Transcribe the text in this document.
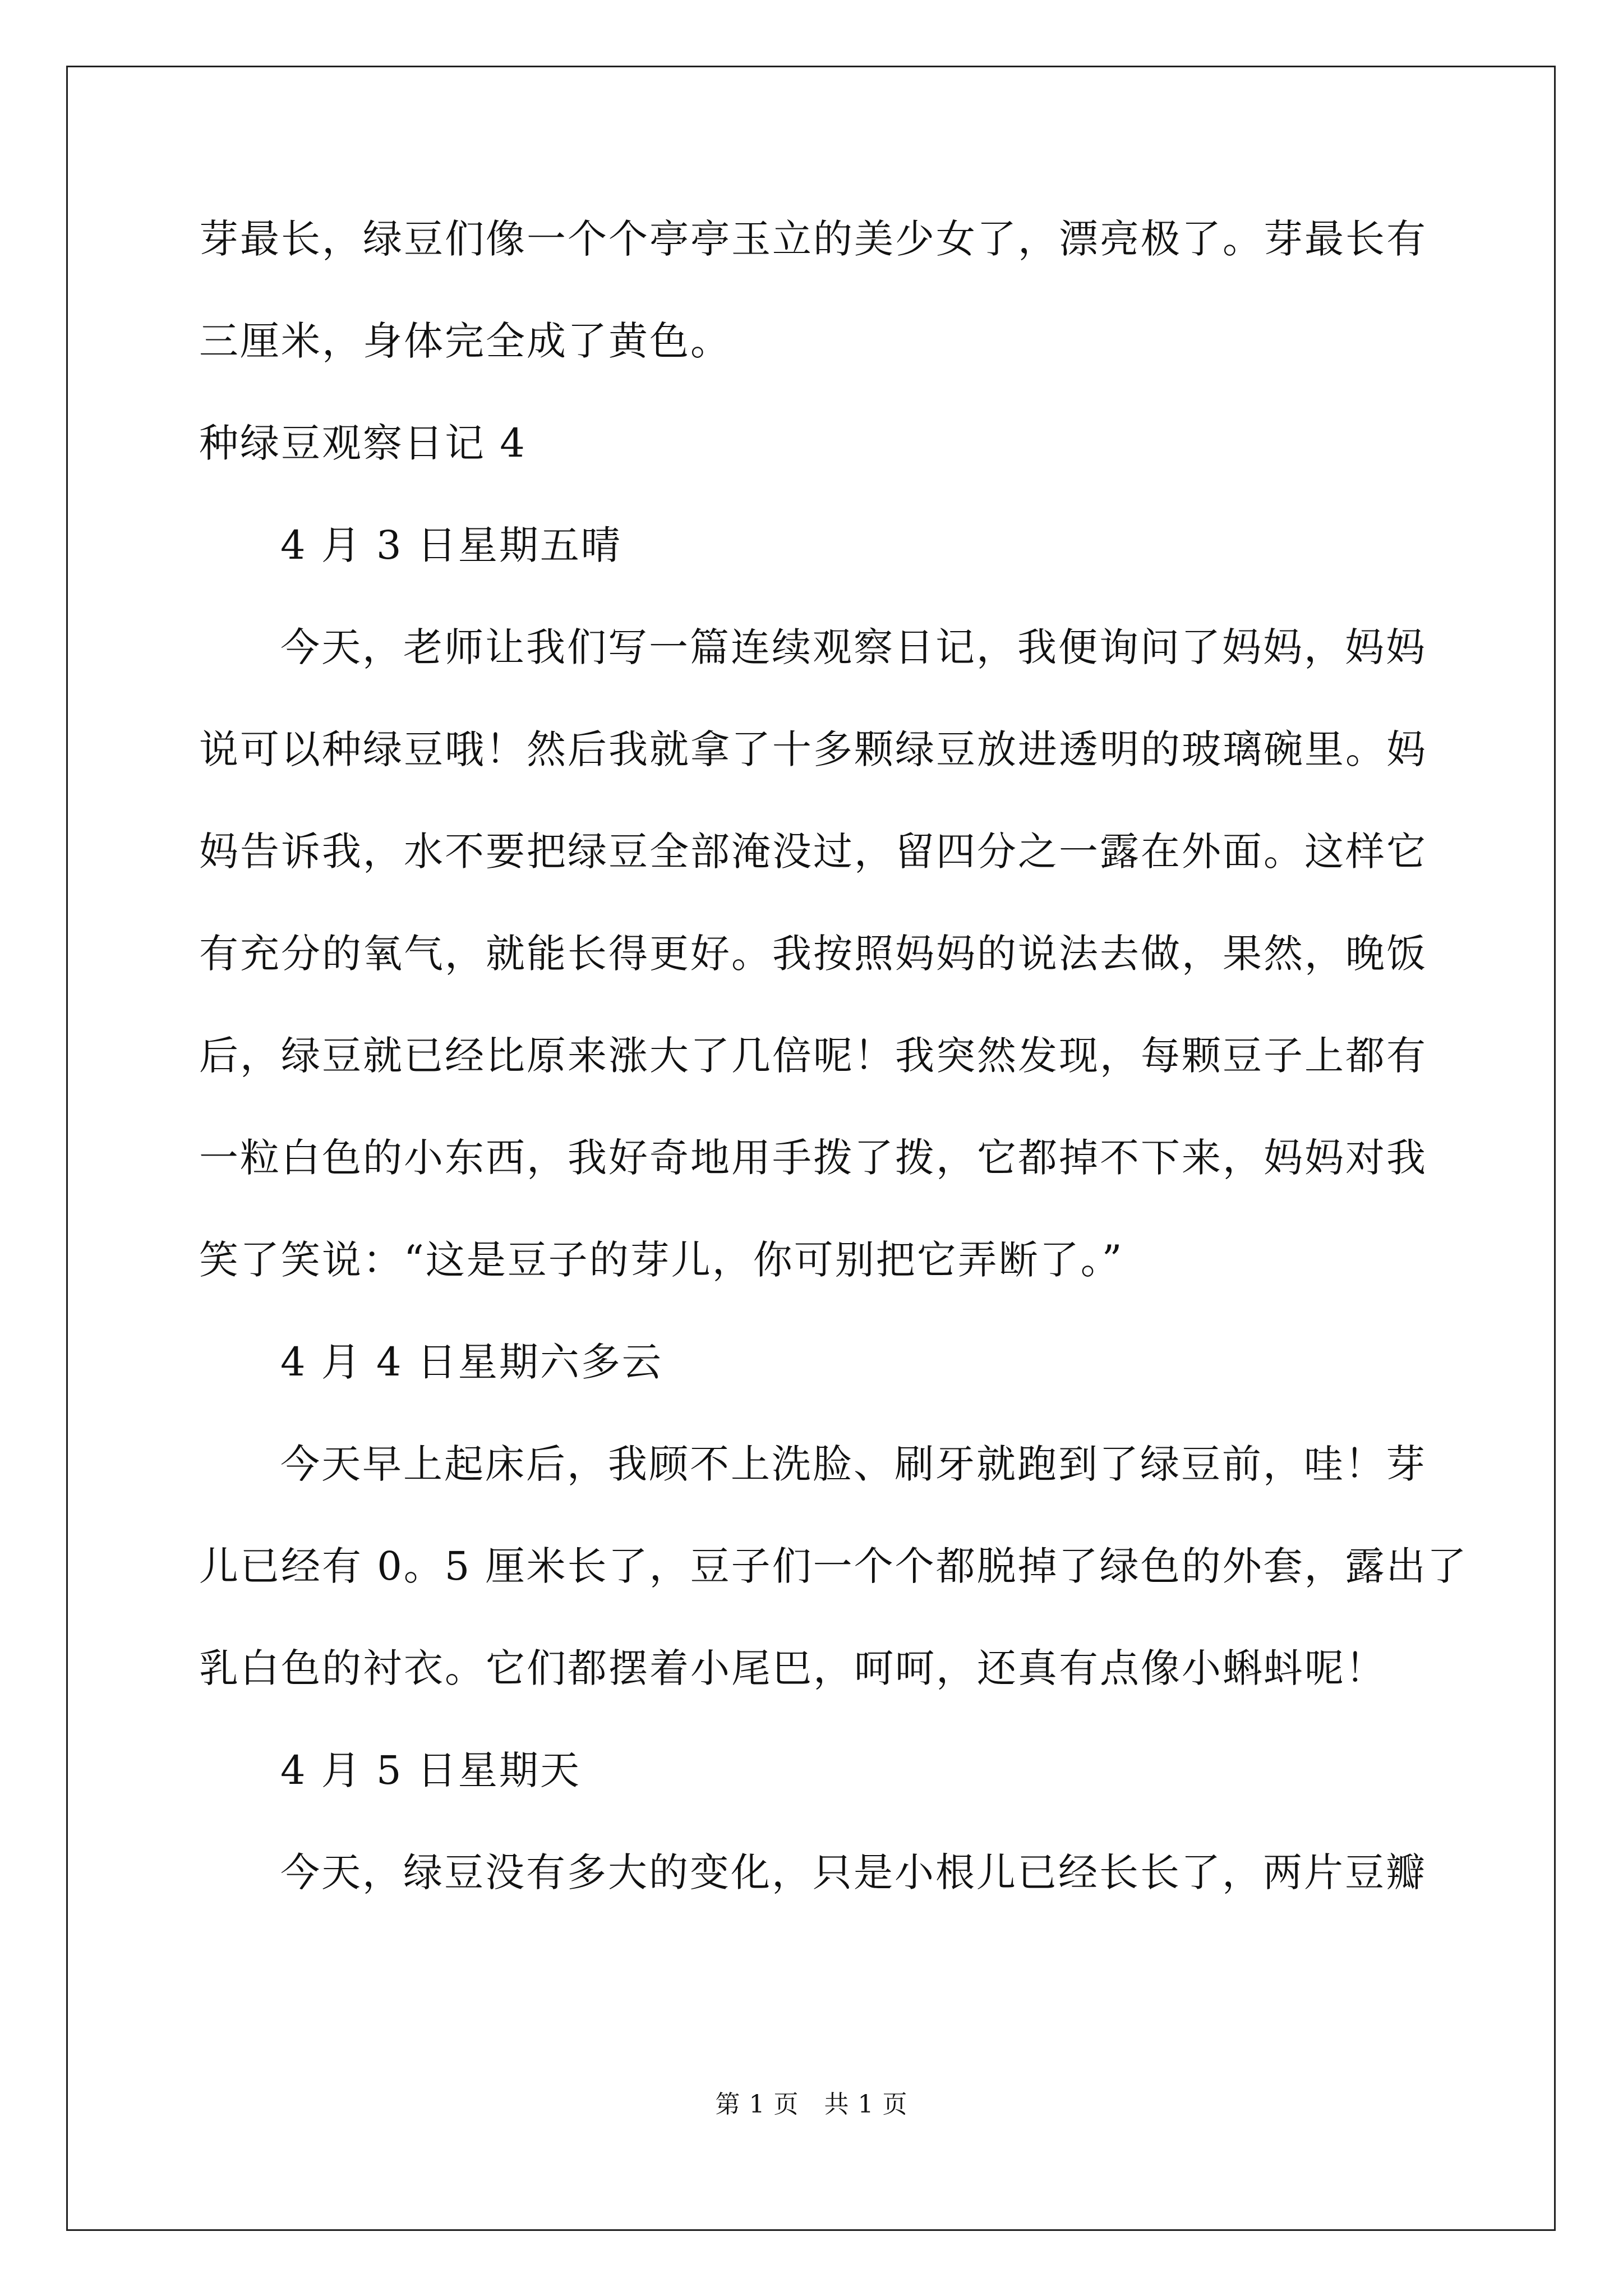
芽最长，绿豆们像一个个亭亭玉立的美少女了，漂亮极了。芽最长有
三厘米，身体完全成了黄色。
种绿豆观察日记 4
4 月 3 日星期五晴
今天，老师让我们写一篇连续观察日记，我便询问了妈妈，妈妈
说可以种绿豆哦！然后我就拿了十多颗绿豆放进透明的玻璃碗里。妈
妈告诉我，水不要把绿豆全部淹没过，留四分之一露在外面。这样它
有充分的氧气，就能长得更好。我按照妈妈的说法去做，果然，晚饭
后，绿豆就已经比原来涨大了几倍呢！我突然发现，每颗豆子上都有
一粒白色的小东西，我好奇地用手拨了拨，它都掉不下来，妈妈对我
笑了笑说：“这是豆子的芽儿，你可别把它弄断了。”
4 月 4 日星期六多云
今天早上起床后，我顾不上洗脸、刷牙就跑到了绿豆前，哇！芽
儿已经有 0。5 厘米长了，豆子们一个个都脱掉了绿色的外套，露出了
乳白色的衬衣。它们都摆着小尾巴，呵呵，还真有点像小蝌蚪呢！
4 月 5 日星期天
今天，绿豆没有多大的变化，只是小根儿已经长长了，两片豆瓣
第 1 页   共 1 页
